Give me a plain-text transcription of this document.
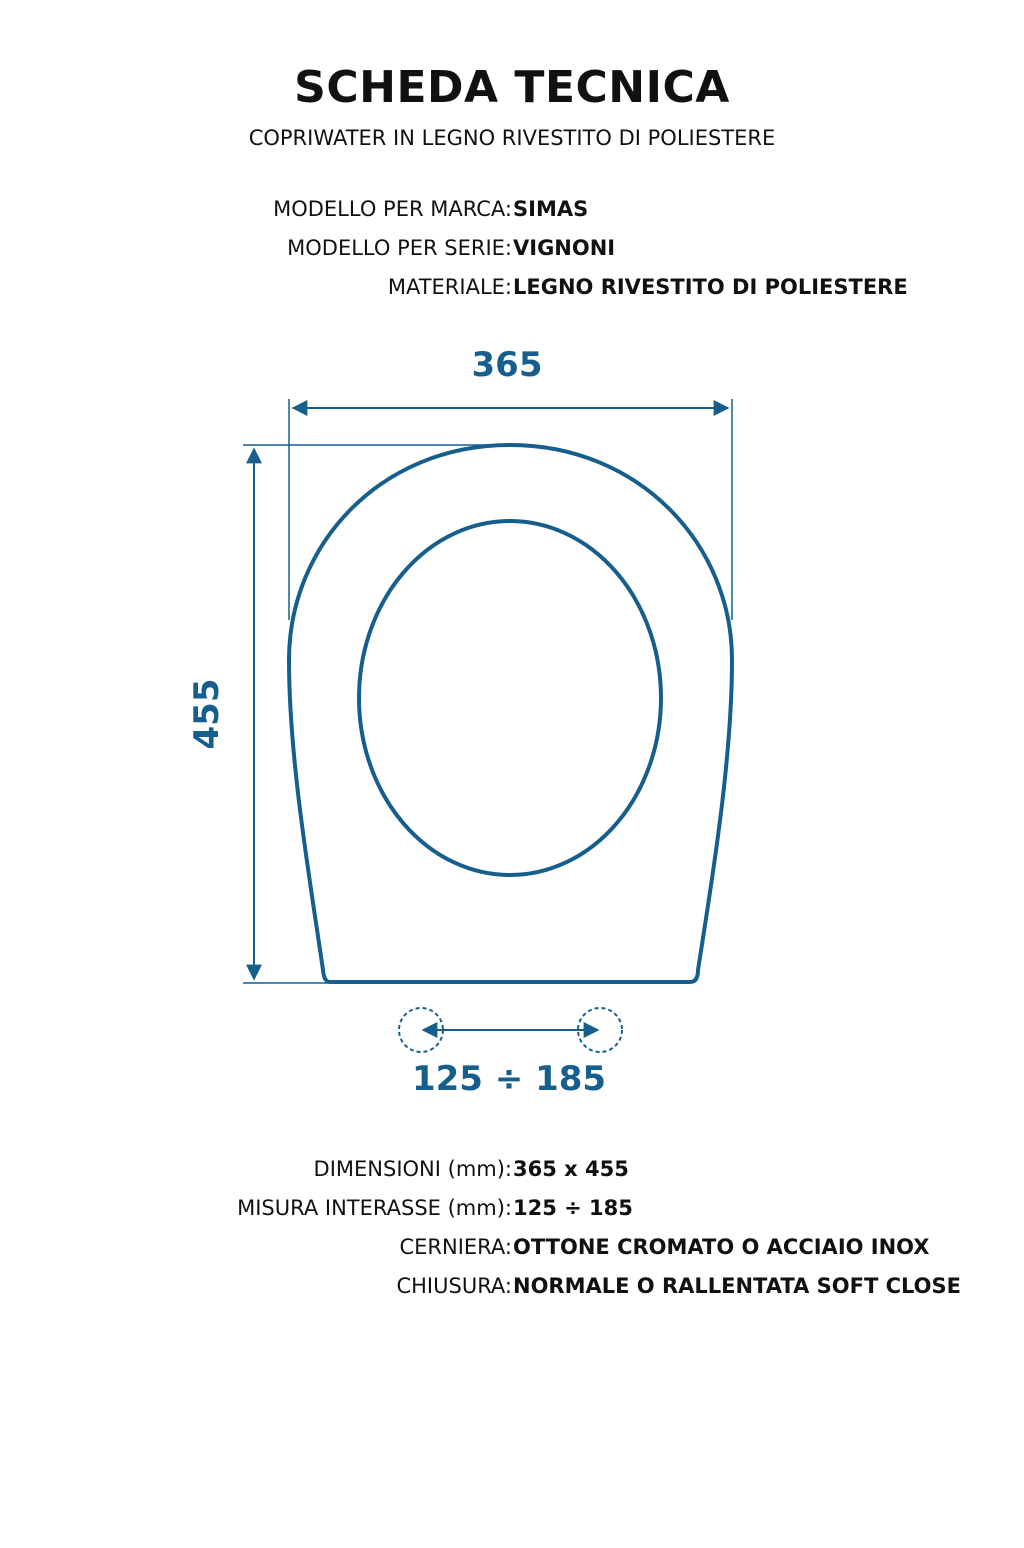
SCHEDA TECNICA
COPRIWATER IN LEGNO RIVESTITO DI POLIESTERE
MODELLO PER MARCA: SIMAS
MODELLO PER SERIE: VIGNONI
MATERIALE: LEGNO RIVESTITO DI POLIESTERE
365
455
125 ÷ 185
DIMENSIONI (mm): 365 x 455
MISURA INTERASSE (mm): 125 ÷ 185
CERNIERA: OTTONE CROMATO O ACCIAIO INOX
CHIUSURA: NORMALE O RALLENTATA SOFT CLOSE
